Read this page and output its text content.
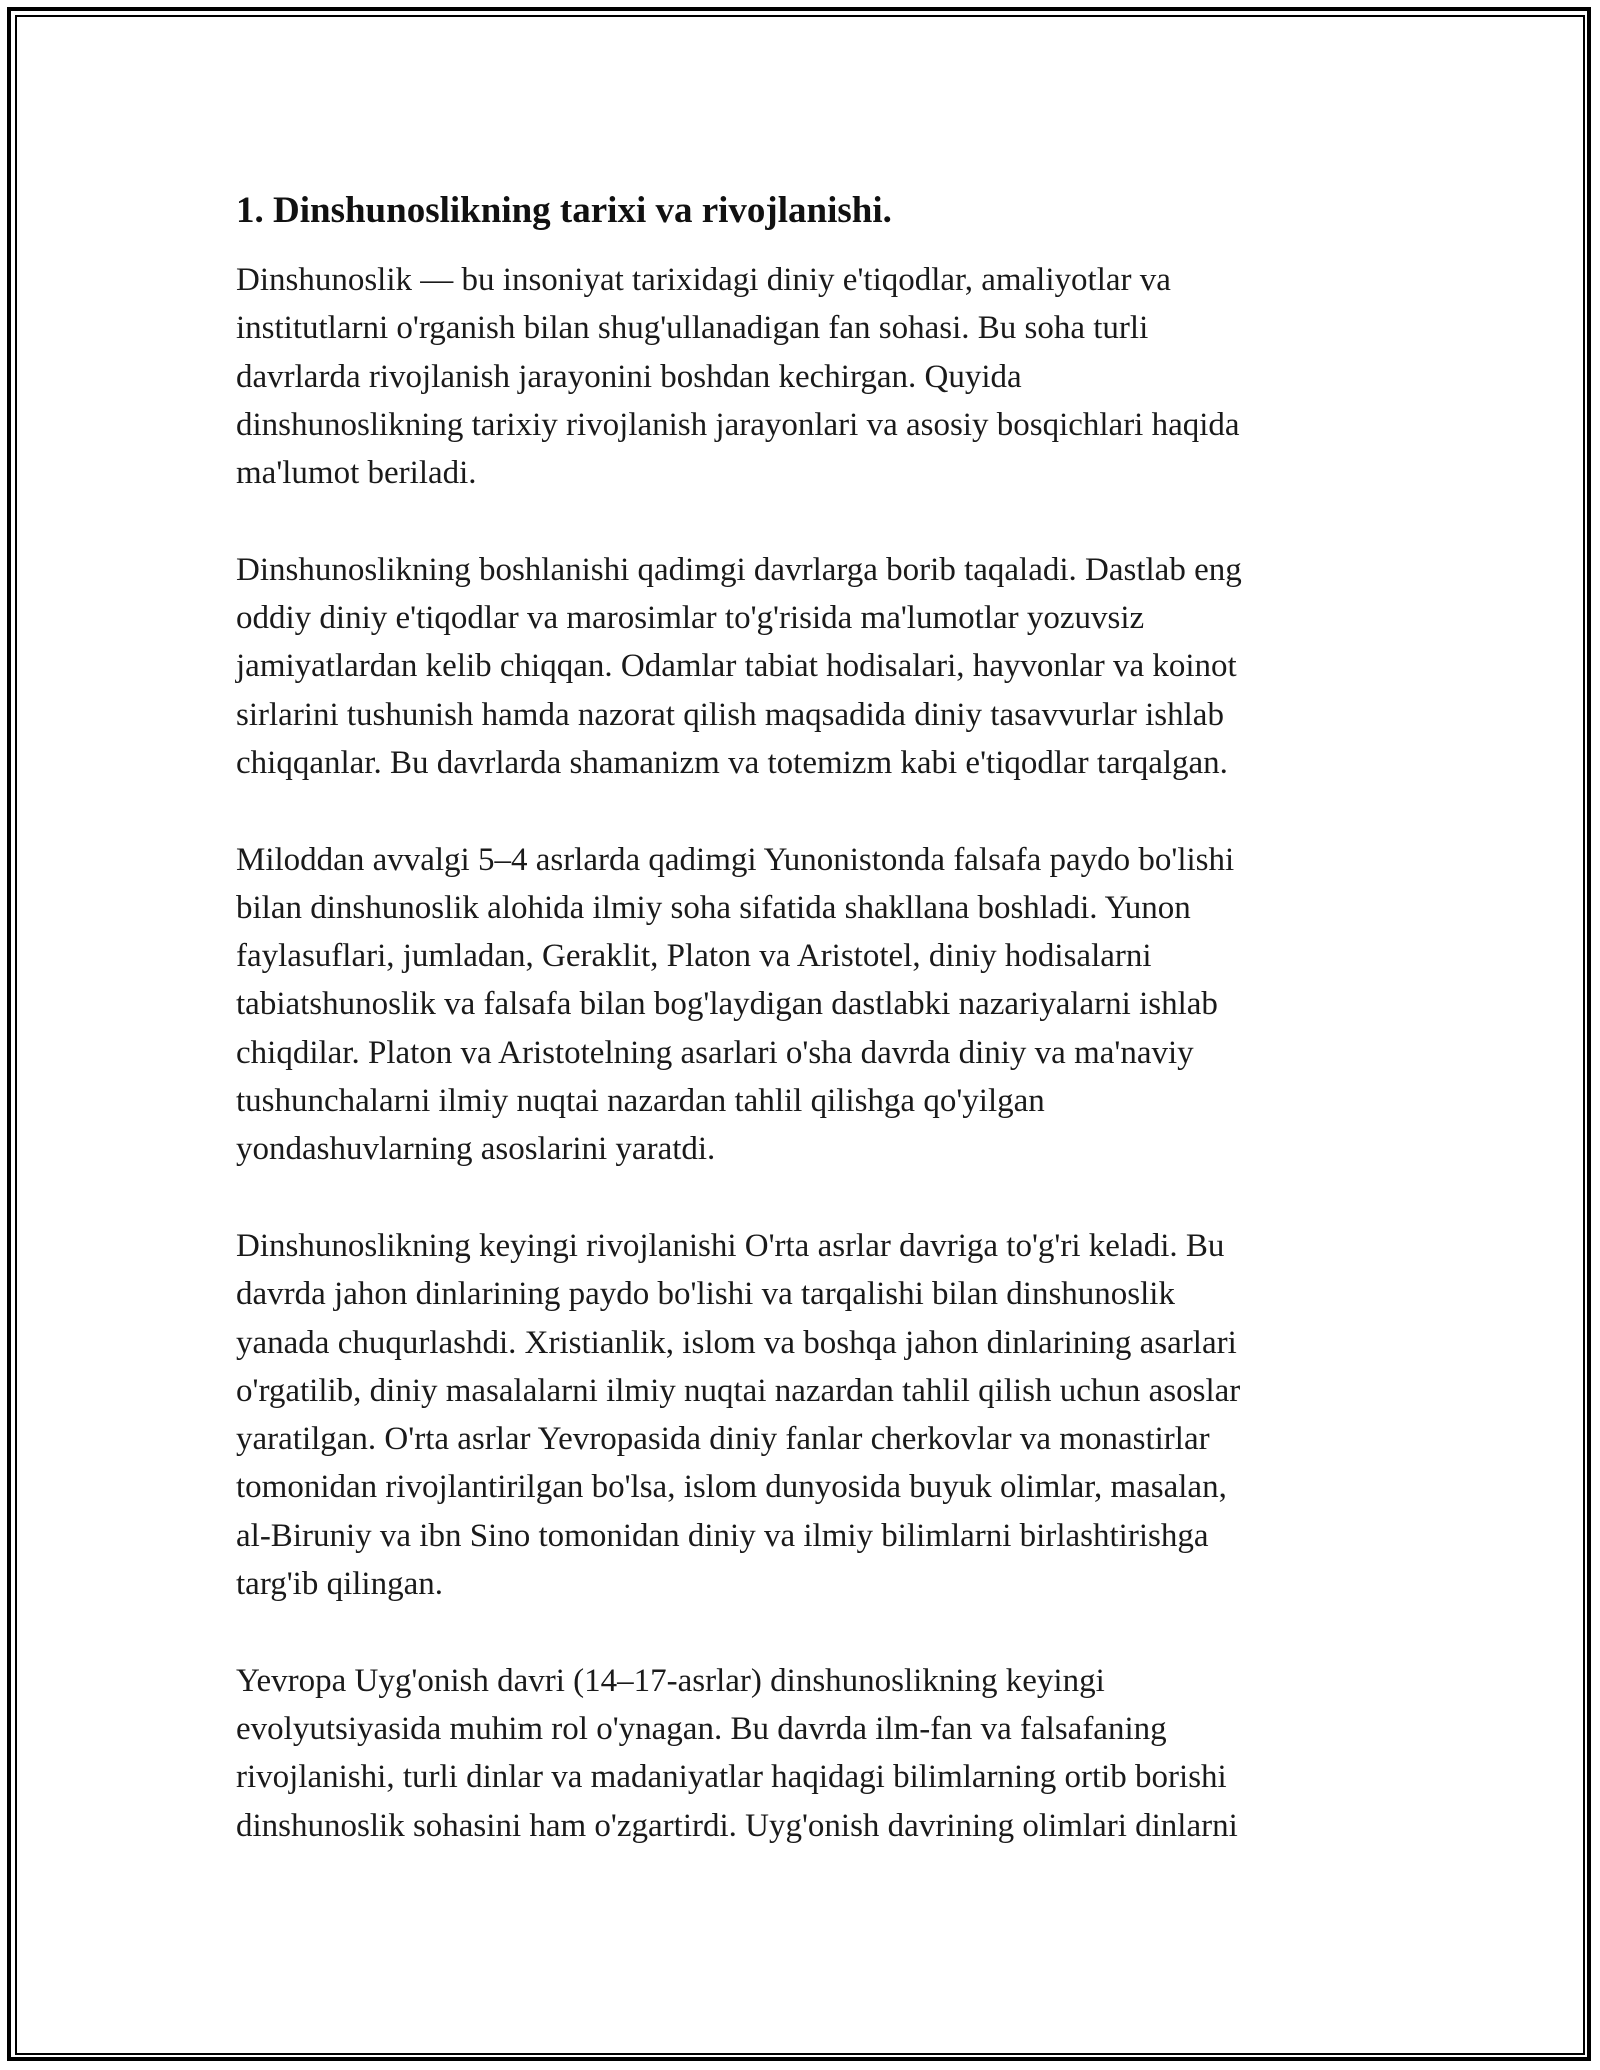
1. Dinshunoslikning tarixi va rivojlanishi.

Dinshunoslik — bu insoniyat tarixidagi diniy e'tiqodlar, amaliyotlar va
institutlarni o'rganish bilan shug'ullanadigan fan sohasi. Bu soha turli
davrlarda rivojlanish jarayonini boshdan kechirgan. Quyida
dinshunoslikning tarixiy rivojlanish jarayonlari va asosiy bosqichlari haqida
ma'lumot beriladi.

Dinshunoslikning boshlanishi qadimgi davrlarga borib taqaladi. Dastlab eng
oddiy diniy e'tiqodlar va marosimlar to'g'risida ma'lumotlar yozuvsiz
jamiyatlardan kelib chiqqan. Odamlar tabiat hodisalari, hayvonlar va koinot
sirlarini tushunish hamda nazorat qilish maqsadida diniy tasavvurlar ishlab
chiqqanlar. Bu davrlarda shamanizm va totemizm kabi e'tiqodlar tarqalgan.

Miloddan avvalgi 5–4 asrlarda qadimgi Yunonistonda falsafa paydo bo'lishi
bilan dinshunoslik alohida ilmiy soha sifatida shakllana boshladi. Yunon
faylasuflari, jumladan, Geraklit, Platon va Aristotel, diniy hodisalarni
tabiatshunoslik va falsafa bilan bog'laydigan dastlabki nazariyalarni ishlab
chiqdilar. Platon va Aristotelning asarlari o'sha davrda diniy va ma'naviy
tushunchalarni ilmiy nuqtai nazardan tahlil qilishga qo'yilgan
yondashuvlarning asoslarini yaratdi.

Dinshunoslikning keyingi rivojlanishi O'rta asrlar davriga to'g'ri keladi. Bu
davrda jahon dinlarining paydo bo'lishi va tarqalishi bilan dinshunoslik
yanada chuqurlashdi. Xristianlik, islom va boshqa jahon dinlarining asarlari
o'rgatilib, diniy masalalarni ilmiy nuqtai nazardan tahlil qilish uchun asoslar
yaratilgan. O'rta asrlar Yevropasida diniy fanlar cherkovlar va monastirlar
tomonidan rivojlantirilgan bo'lsa, islom dunyosida buyuk olimlar, masalan,
al-Biruniy va ibn Sino tomonidan diniy va ilmiy bilimlarni birlashtirishga
targ'ib qilingan.

Yevropa Uyg'onish davri (14–17-asrlar) dinshunoslikning keyingi
evolyutsiyasida muhim rol o'ynagan. Bu davrda ilm-fan va falsafaning
rivojlanishi, turli dinlar va madaniyatlar haqidagi bilimlarning ortib borishi
dinshunoslik sohasini ham o'zgartirdi. Uyg'onish davrining olimlari dinlarni
